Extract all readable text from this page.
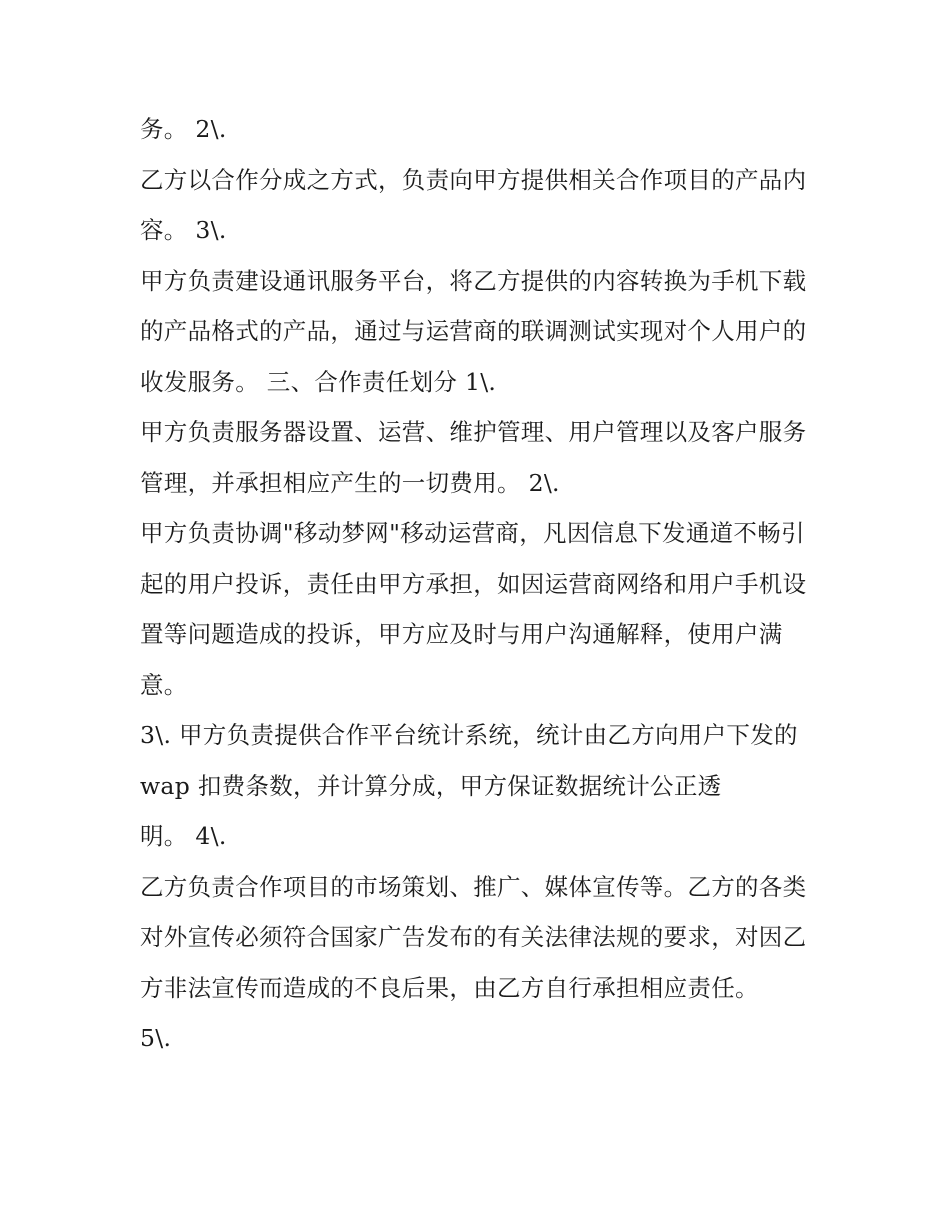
务。 2\.

乙方以合作分成之方式，负责向甲方提供相关合作项目的产品内容。 3\.

甲方负责建设通讯服务平台，将乙方提供的内容转换为手机下载的产品格式的产品，通过与运营商的联调测试实现对个人用户的收发服务。 三、合作责任划分 1\.

甲方负责服务器设置、运营、维护管理、用户管理以及客户服务管理，并承担相应产生的一切费用。 2\.

甲方负责协调"移动梦网"移动运营商，凡因信息下发通道不畅引起的用户投诉，责任由甲方承担，如因运营商网络和用户手机设置等问题造成的投诉，甲方应及时与用户沟通解释，使用户满意。

3\. 甲方负责提供合作平台统计系统，统计由乙方向用户下发的 wap 扣费条数，并计算分成，甲方保证数据统计公正透
明。 4\.

乙方负责合作项目的市场策划、推广、媒体宣传等。乙方的各类对外宣传必须符合国家广告发布的有关法律法规的要求，对因乙方非法宣传而造成的不良后果，由乙方自行承担相应责任。

5\.
